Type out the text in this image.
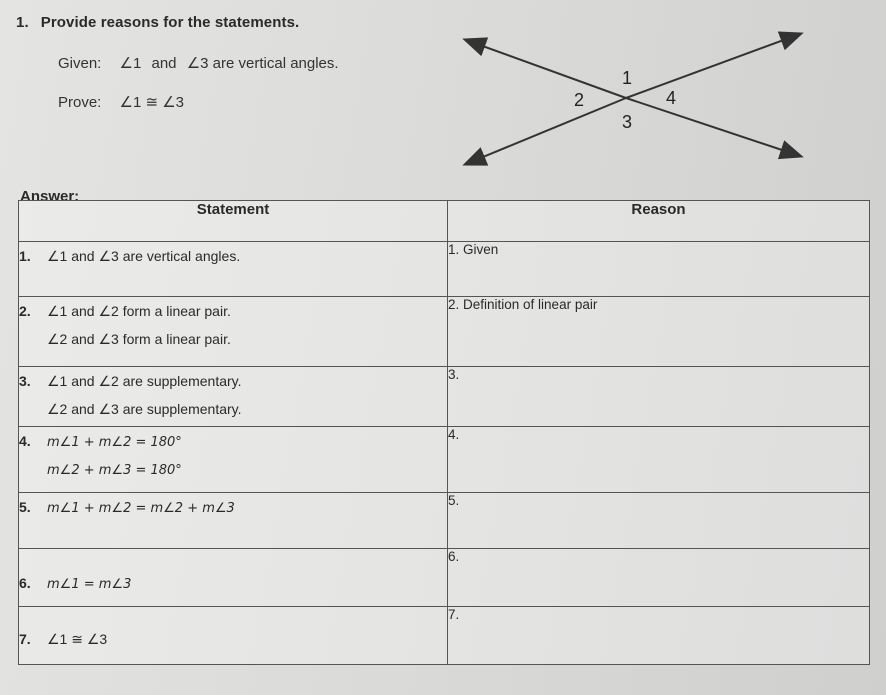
1. Provide reasons for the statements.
Given: ∠1 and ∠3 are vertical angles.
Prove: ∠1 ≅ ∠3
1
2
3
4
Answer:
Statement	Reason

1. ∠1 and ∠3 are vertical angles.	1. Given

2. ∠1 and ∠2 form a linear pair.
∠2 and ∠3 form a linear pair.	2. Definition of linear pair

3. ∠1 and ∠2 are supplementary.
∠2 and ∠3 are supplementary.	3.

4. m∠1 + m∠2 = 180°
m∠2 + m∠3 = 180°	4.

5. m∠1 + m∠2 = m∠2 + m∠3	5.

6. m∠1 = m∠3	6.

7. ∠1 ≅ ∠3	7.
